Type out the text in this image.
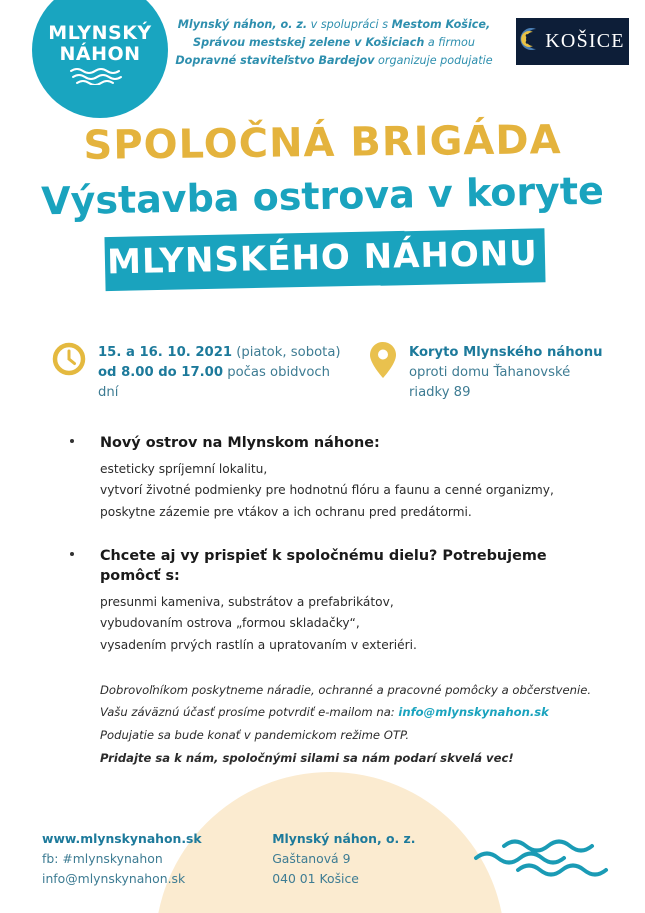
MLYNSKÝ
NÁHON
Mlynský náhon, o. z. v spolupráci s Mestom Košice, Správou mestskej zelene v Košiciach a firmou Dopravné staviteľstvo Bardejov organizuje podujatie
KOŠICE
SPOLOČNÁ BRIGÁDA
Výstavba ostrova v koryte
MLYNSKÉHO NÁHONU
15. a 16. 10. 2021 (piatok, sobota) od 8.00 do 17.00 počas obidvoch dní
Koryto Mlynského náhonu
oproti domu Ťahanovské riadky 89
Nový ostrov na Mlynskom náhone:
esteticky spríjemní lokalitu,
vytvorí životné podmienky pre hodnotnú flóru a faunu a cenné organizmy,
poskytne zázemie pre vtákov a ich ochranu pred predátormi.
Chcete aj vy prispieť k spoločnému dielu? Potrebujeme pomôcť s:
presunmi kameniva, substrátov a prefabrikátov,
vybudovaním ostrova „formou skladačky“,
vysadením prvých rastlín a upratovaním v exteriéri.
Dobrovoľníkom poskytneme náradie, ochranné a pracovné pomôcky a občerstvenie.
Vašu záväznú účasť prosíme potvrdiť e-mailom na: info@mlynskynahon.sk
Podujatie sa bude konať v pandemickom režime OTP.
Pridajte sa k nám, spoločnými silami sa nám podarí skvelá vec!
www.mlynskynahon.sk
fb: #mlynskynahon
info@mlynskynahon.sk
Mlynský náhon, o. z.
Gaštanová 9
040 01 Košice
